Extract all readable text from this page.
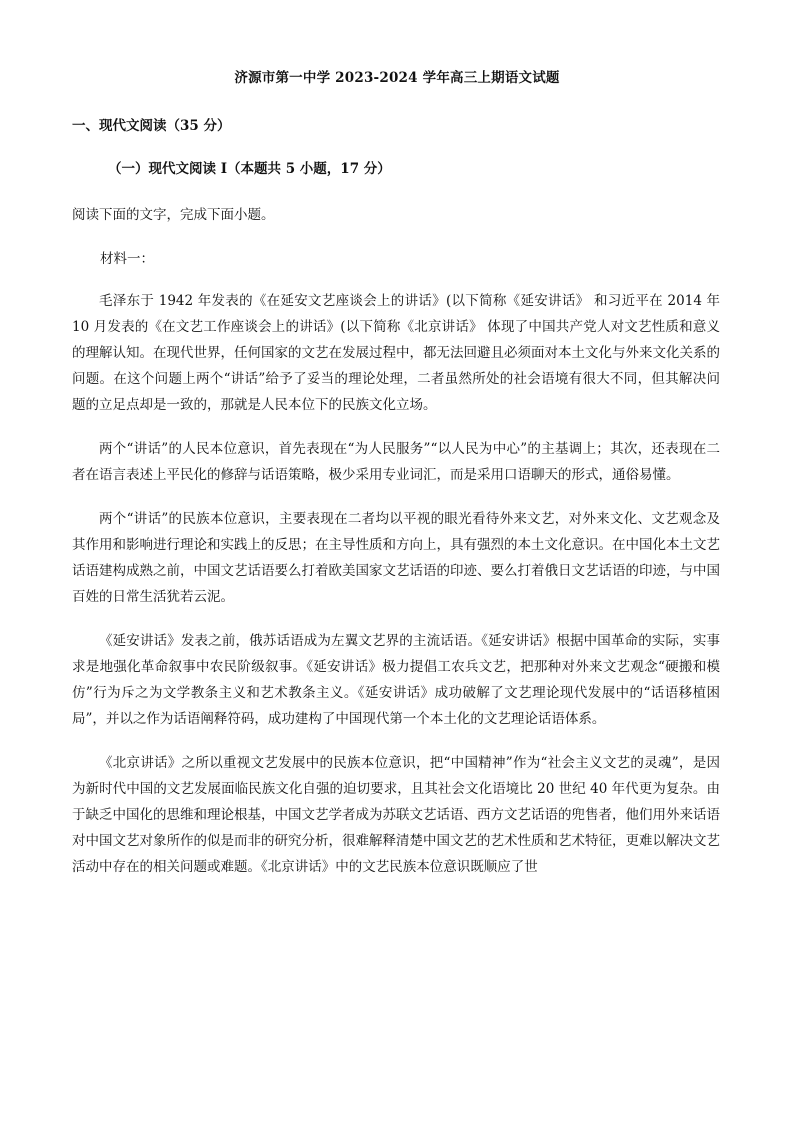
济源市第一中学 2023-2024 学年高三上期语文试题
一、现代文阅读（35 分）
（一）现代文阅读 I（本题共 5 小题，17 分）
阅读下面的文字，完成下面小题。
材料一：

毛泽东于 1942 年发表的《在延安文艺座谈会上的讲话》(以下简称《延安讲话》 和习近平在 2014 年 10 月发表的《在文艺工作座谈会上的讲话》(以下简称《北京讲话》 体现了中国共产党人对文艺性质和意义的理解认知。在现代世界，任何国家的文艺在发展过程中，都无法回避且必须面对本土文化与外来文化关系的问题。在这个问题上两个“讲话”给予了妥当的理论处理，二者虽然所处的社会语境有很大不同，但其解决问题的立足点却是一致的，那就是人民本位下的民族文化立场。

两个“讲话”的人民本位意识，首先表现在“为人民服务”“以人民为中心”的主基调上；其次，还表现在二者在语言表述上平民化的修辞与话语策略，极少采用专业词汇，而是采用口语聊天的形式，通俗易懂。

两个“讲话”的民族本位意识，主要表现在二者均以平视的眼光看待外来文艺，对外来文化、文艺观念及其作用和影响进行理论和实践上的反思；在主导性质和方向上，具有强烈的本土文化意识。在中国化本土文艺话语建构成熟之前，中国文艺话语要么打着欧美国家文艺话语的印迹、要么打着俄日文艺话语的印迹，与中国百姓的日常生活犹若云泥。

《延安讲话》发表之前，俄苏话语成为左翼文艺界的主流话语。《延安讲话》根据中国革命的实际，实事求是地强化革命叙事中农民阶级叙事。《延安讲话》极力提倡工农兵文艺，把那种对外来文艺观念“硬搬和模仿”行为斥之为文学教条主义和艺术教条主义。《延安讲话》成功破解了文艺理论现代发展中的“话语移植困局”，并以之作为话语阐释符码，成功建构了中国现代第一个本土化的文艺理论话语体系。

《北京讲话》之所以重视文艺发展中的民族本位意识，把“中国精神”作为“社会主义文艺的灵魂”，是因为新时代中国的文艺发展面临民族文化自强的迫切要求，且其社会文化语境比 20 世纪 40 年代更为复杂。由于缺乏中国化的思维和理论根基，中国文艺学者成为苏联文艺话语、西方文艺话语的兜售者，他们用外来话语对中国文艺对象所作的似是而非的研究分析，很难解释清楚中国文艺的艺术性质和艺术特征，更难以解决文艺活动中存在的相关问题或难题。《北京讲话》中的文艺民族本位意识既顺应了世
